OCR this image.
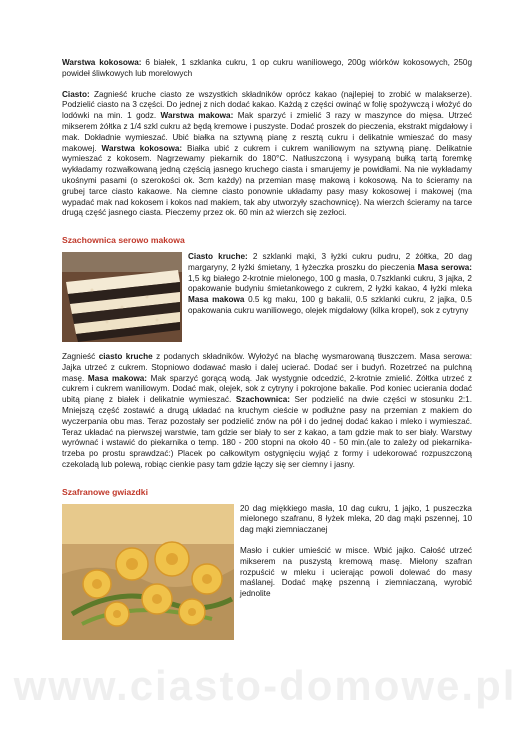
Warstwa kokosowa: 6 białek, 1 szklanka cukru, 1 op cukru waniliowego, 200g wiórków kokosowych, 250g powideł śliwkowych lub morelowych

Ciasto: Zagnieść kruche ciasto ze wszystkich składników oprócz kakao (najlepiej to zrobić w malakserze). Podzielić ciasto na 3 części. Do jednej z nich dodać kakao. Każdą z części owinąć w folię spożywczą i włożyć do lodówki na min. 1 godz. Warstwa makowa: Mak sparzyć i zmielić 3 razy w maszynce do mięsa. Utrzeć mikserem żółtka z 1/4 szkl cukru aż będą kremowe i puszyste. Dodać proszek do pieczenia, ekstrakt migdałowy i mak. Dokładnie wymieszać. Ubić białka na sztywną pianę z resztą cukru i delikatnie wmieszać do masy makowej. Warstwa kokosowa: Białka ubić z cukrem i cukrem waniliowym na sztywną pianę. Delikatnie wymieszać z kokosem. Nagrzewamy piekarnik do 180°C. Natłuszczoną i wysypaną bułką tartą foremkę wykładamy rozwałkowaną jedną częścią jasnego kruchego ciasta i smarujemy je powidłami. Na nie wykładamy ukośnymi pasami (o szerokości ok. 3cm każdy) na przemian masę makową i kokosową. Na to ścieramy na grubej tarce ciasto kakaowe. Na ciemne ciasto ponownie układamy pasy masy kokosowej i makowej (ma wypadać mak nad kokosem i kokos nad makiem, tak aby utworzyły szachownicę). Na wierzch ścieramy na tarce drugą część jasnego ciasta. Pieczemy przez ok. 60 min aż wierzch się zezłoci.

Szachownica serowo makowa

Ciasto kruche: 2 szklanki mąki, 3 łyżki cukru pudru, 2 żółtka, 20 dag margaryny, 2 łyżki śmietany, 1 łyżeczka proszku do pieczenia Masa serowa: 1,5 kg białego 2-krotnie mielonego, 100 g masła, 0.7szklanki cukru, 3 jajka, 2 opakowanie budyniu śmietankowego z cukrem, 2 łyżki kakao, 4 łyżki mleka Masa makowa 0.5 kg maku, 100 g bakalii, 0.5 szklanki cukru, 2 jajka, 0.5 opakowania cukru waniliowego, olejek migdałowy (kilka kropel), sok z cytryny

Zagnieść ciasto kruche z podanych składników. Wyłożyć na blachę wysmarowaną tłuszczem. Masa serowa: Jajka utrzeć z cukrem. Stopniowo dodawać masło i dalej ucierać. Dodać ser i budyń. Rozetrzeć na pulchną masę. Masa makowa: Mak sparzyć gorącą wodą. Jak wystygnie odcedzić, 2-krotnie zmielić. Żółtka utrzeć z cukrem i cukrem waniliowym. Dodać mak, olejek, sok z cytryny i pokrojone bakalie. Pod koniec ucierania dodać ubitą pianę z białek i delikatnie wymieszać. Szachownica: Ser podzielić na dwie części w stosunku 2:1. Mniejszą część zostawić a drugą układać na kruchym cieście w podłużne pasy na przemian z makiem do wyczerpania obu mas. Teraz pozostały ser podzielić znów na pół i do jednej dodać kakao i mleko i wymieszać. Teraz układać na pierwszej warstwie, tam gdzie ser biały to ser z kakao, a tam gdzie mak to ser biały. Warstwy wyrównać i wstawić do piekarnika o temp. 180 - 200 stopni na około 40 - 50 min.(ale to zależy od piekarnika- trzeba po prostu sprawdzać:) Placek po całkowitym ostygnięciu wyjąć z formy i udekorować rozpuszczoną czekoladą lub polewą, robiąc cienkie pasy tam gdzie łączy się ser ciemny i jasny.

Szafranowe gwiazdki

20 dag miękkiego masła, 10 dag cukru, 1 jajko, 1 puszeczka mielonego szafranu, 8 łyżek mleka, 20 dag mąki pszennej, 10 dag mąki ziemniaczanej

Masło i cukier umieścić w misce. Wbić jajko. Całość utrzeć mikserem na puszystą kremową masę. Mielony szafran rozpuścić w mleku i ucierając powoli dolewać do masy maślanej. Dodać mąkę pszenną i ziemniaczaną, wyrobić jednolite

www.ciasto-domowe.pl
